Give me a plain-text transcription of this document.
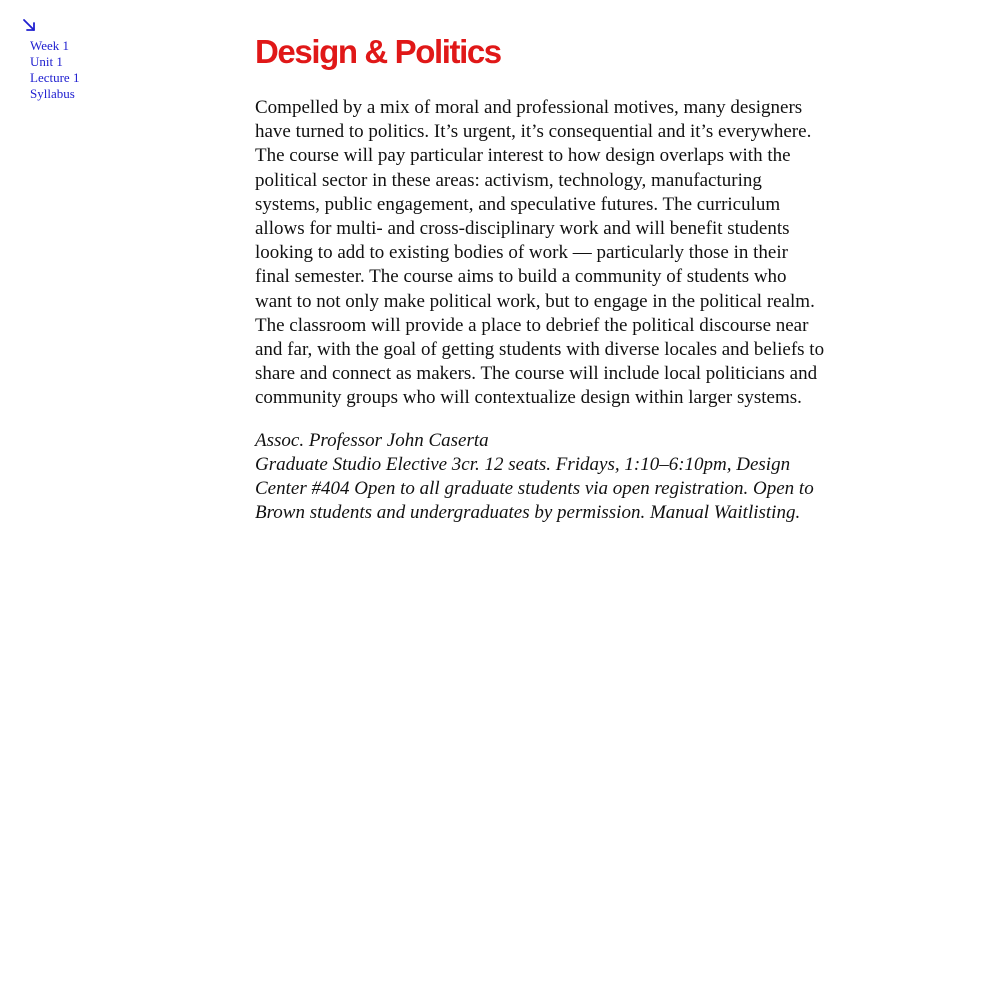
Week 1
Unit 1
Lecture 1
Syllabus
Design & Politics

Compelled by a mix of moral and professional motives, many designers have turned to politics. It’s urgent, it’s consequential and it’s everywhere. The course will pay particular interest to how design overlaps with the political sector in these areas: activism, technology, manufacturing systems, public engagement, and speculative futures. The curriculum allows for multi- and cross-disciplinary work and will benefit students looking to add to existing bodies of work — particularly those in their final semester. The course aims to build a community of students who want to not only make political work, but to engage in the political realm. The classroom will provide a place to debrief the political discourse near and far, with the goal of getting students with diverse locales and beliefs to share and connect as makers. The course will include local politicians and community groups who will contextualize design within larger systems.

Assoc. Professor John Caserta

Graduate Studio Elective 3cr. 12 seats. Fridays, 1:10–6:10pm, Design Center #404 Open to all graduate students via open registration. Open to Brown students and undergraduates by permission. Manual Waitlisting.
